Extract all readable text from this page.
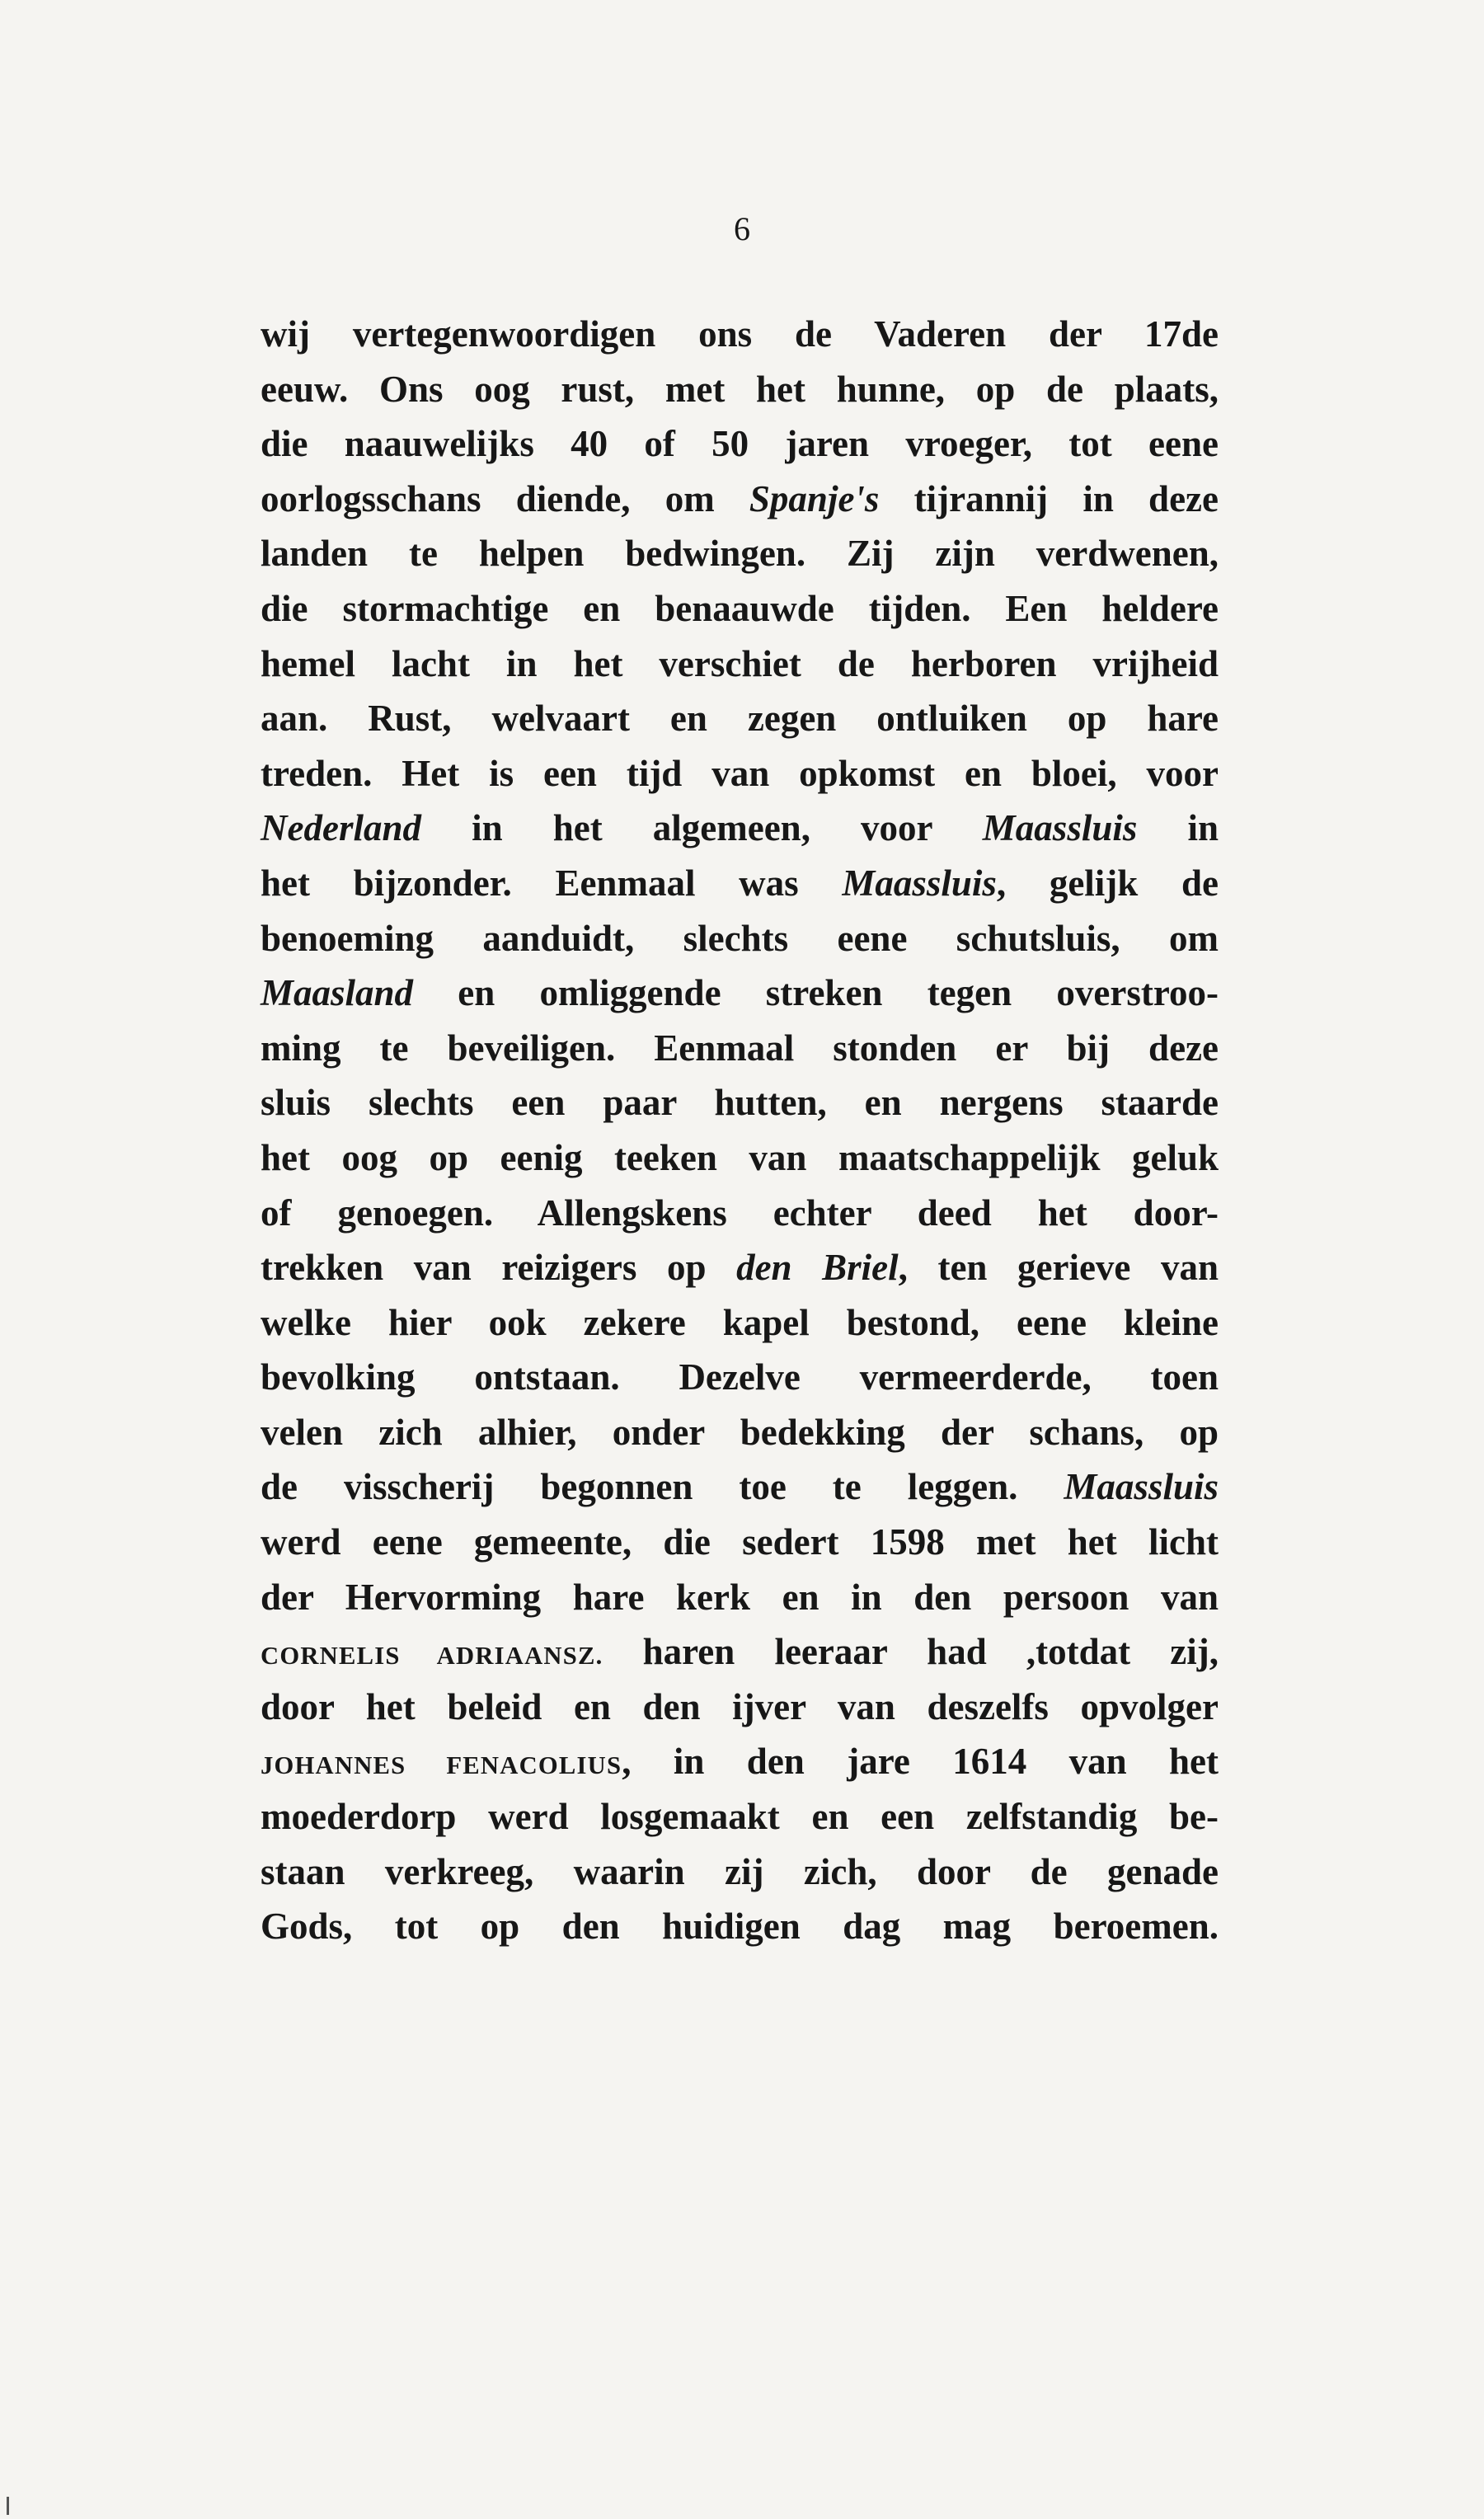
6
wij vertegenwoordigen ons de Vaderen der 17de
eeuw. Ons oog rust, met het hunne, op de plaats,
die naauwelijks 40 of 50 jaren vroeger, tot eene
oorlogsschans diende, om Spanje's tijrannij in deze
landen te helpen bedwingen. Zij zijn verdwenen,
die stormachtige en benaauwde tijden. Een heldere
hemel lacht in het verschiet de herboren vrijheid
aan. Rust, welvaart en zegen ontluiken op hare
treden. Het is een tijd van opkomst en bloei, voor
Nederland in het algemeen, voor Maassluis in
het bijzonder. Eenmaal was Maassluis, gelijk de
benoeming aanduidt, slechts eene schutsluis, om
Maasland en omliggende streken tegen overstroo-
ming te beveiligen. Eenmaal stonden er bij deze
sluis slechts een paar hutten, en nergens staarde
het oog op eenig teeken van maatschappelijk geluk
of genoegen. Allengskens echter deed het door-
trekken van reizigers op den Briel, ten gerieve van
welke hier ook zekere kapel bestond, eene kleine
bevolking ontstaan. Dezelve vermeerderde, toen
velen zich alhier, onder bedekking der schans, op
de visscherij begonnen toe te leggen. Maassluis
werd eene gemeente, die sedert 1598 met het licht
der Hervorming hare kerk en in den persoon van
CORNELIS ADRIAANSZ. haren leeraar had ,totdat zij,
door het beleid en den ijver van deszelfs opvolger
JOHANNES FENACOLIUS, in den jare 1614 van het
moederdorp werd losgemaakt en een zelfstandig be-
staan verkreeg, waarin zij zich, door de genade
Gods, tot op den huidigen dag mag beroemen.
